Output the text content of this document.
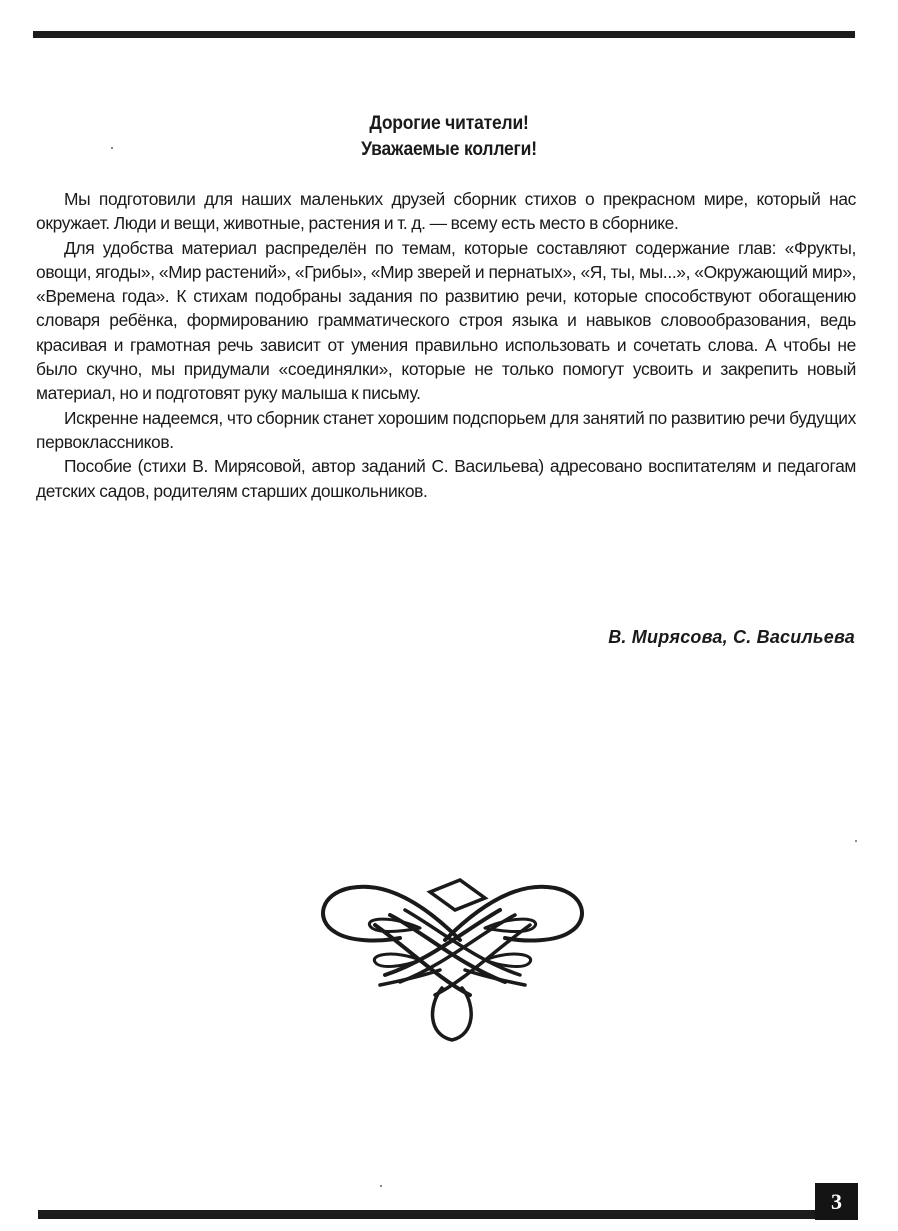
Дорогие читатели!
Уважаемые коллеги!

Мы подготовили для наших маленьких друзей сборник стихов о прекрасном мире, который нас окружает. Люди и вещи, животные, растения и т. д. — всему есть место в сборнике.

Для удобства материал распределён по темам, которые составляют содержание глав: «Фрукты, овощи, ягоды», «Мир растений», «Грибы», «Мир зверей и пернатых», «Я, ты, мы...», «Окружающий мир», «Времена года». К стихам подобраны задания по развитию речи, которые способствуют обогащению словаря ребёнка, формированию грамматического строя языка и навыков словообразования, ведь красивая и грамотная речь зависит от умения правильно использовать и сочетать слова. А чтобы не было скучно, мы придумали «соединялки», которые не только помогут усвоить и закрепить новый материал, но и подготовят руку малыша к письму.

Искренне надеемся, что сборник станет хорошим подспорьем для занятий по развитию речи будущих первоклассников.

Пособие (стихи В. Мирясовой, автор заданий С. Васильева) адресовано воспитателям и педагогам детских садов, родителям старших дошкольников.

В. Мирясова, С. Васильева
3
